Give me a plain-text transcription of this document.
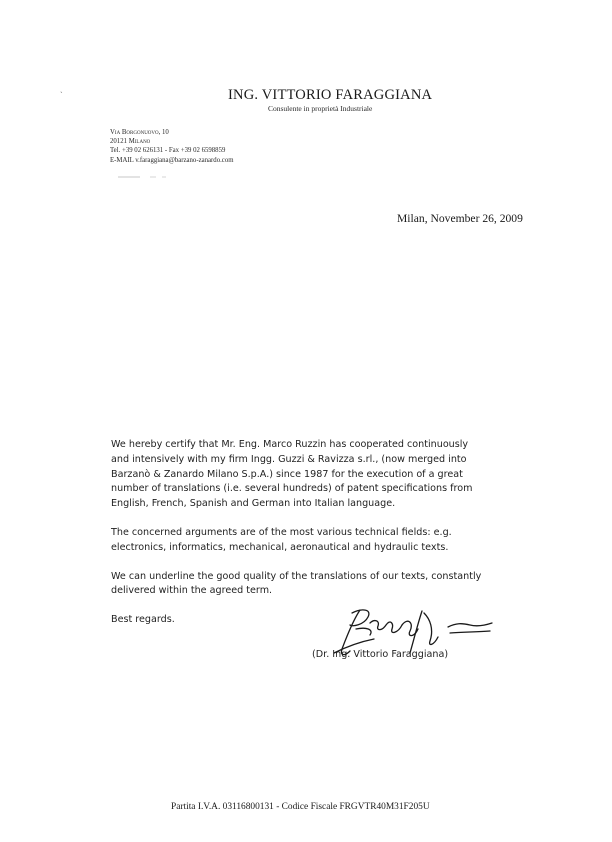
ˎ	ING. VITTORIO FARAGGIANA
Consulente in proprietà Industriale
Via Borgonuovo, 10
20121 Milano
Tel. +39 02 626131 - Fax +39 02 6598859
E-MAIL v.faraggiana@barzano-zanardo.com
Milan, November 26, 2009

We hereby certify that Mr. Eng. Marco Ruzzin has cooperated continuously
and intensively with my firm Ingg. Guzzi & Ravizza s.rl., (now merged into
Barzanò & Zanardo Milano S.p.A.) since 1987 for the execution of a great
number of translations (i.e. several hundreds) of patent specifications from
English, French, Spanish and German into Italian language.

The concerned arguments are of the most various technical fields: e.g.
electronics, informatics, mechanical, aeronautical and hydraulic texts.

We can underline the good quality of the translations of our texts, constantly
delivered within the agreed term.

Best regards.

(Dr. Ing. Vittorio Faraggiana)
Partita I.V.A. 03116800131 - Codice Fiscale FRGVTR40M31F205U
